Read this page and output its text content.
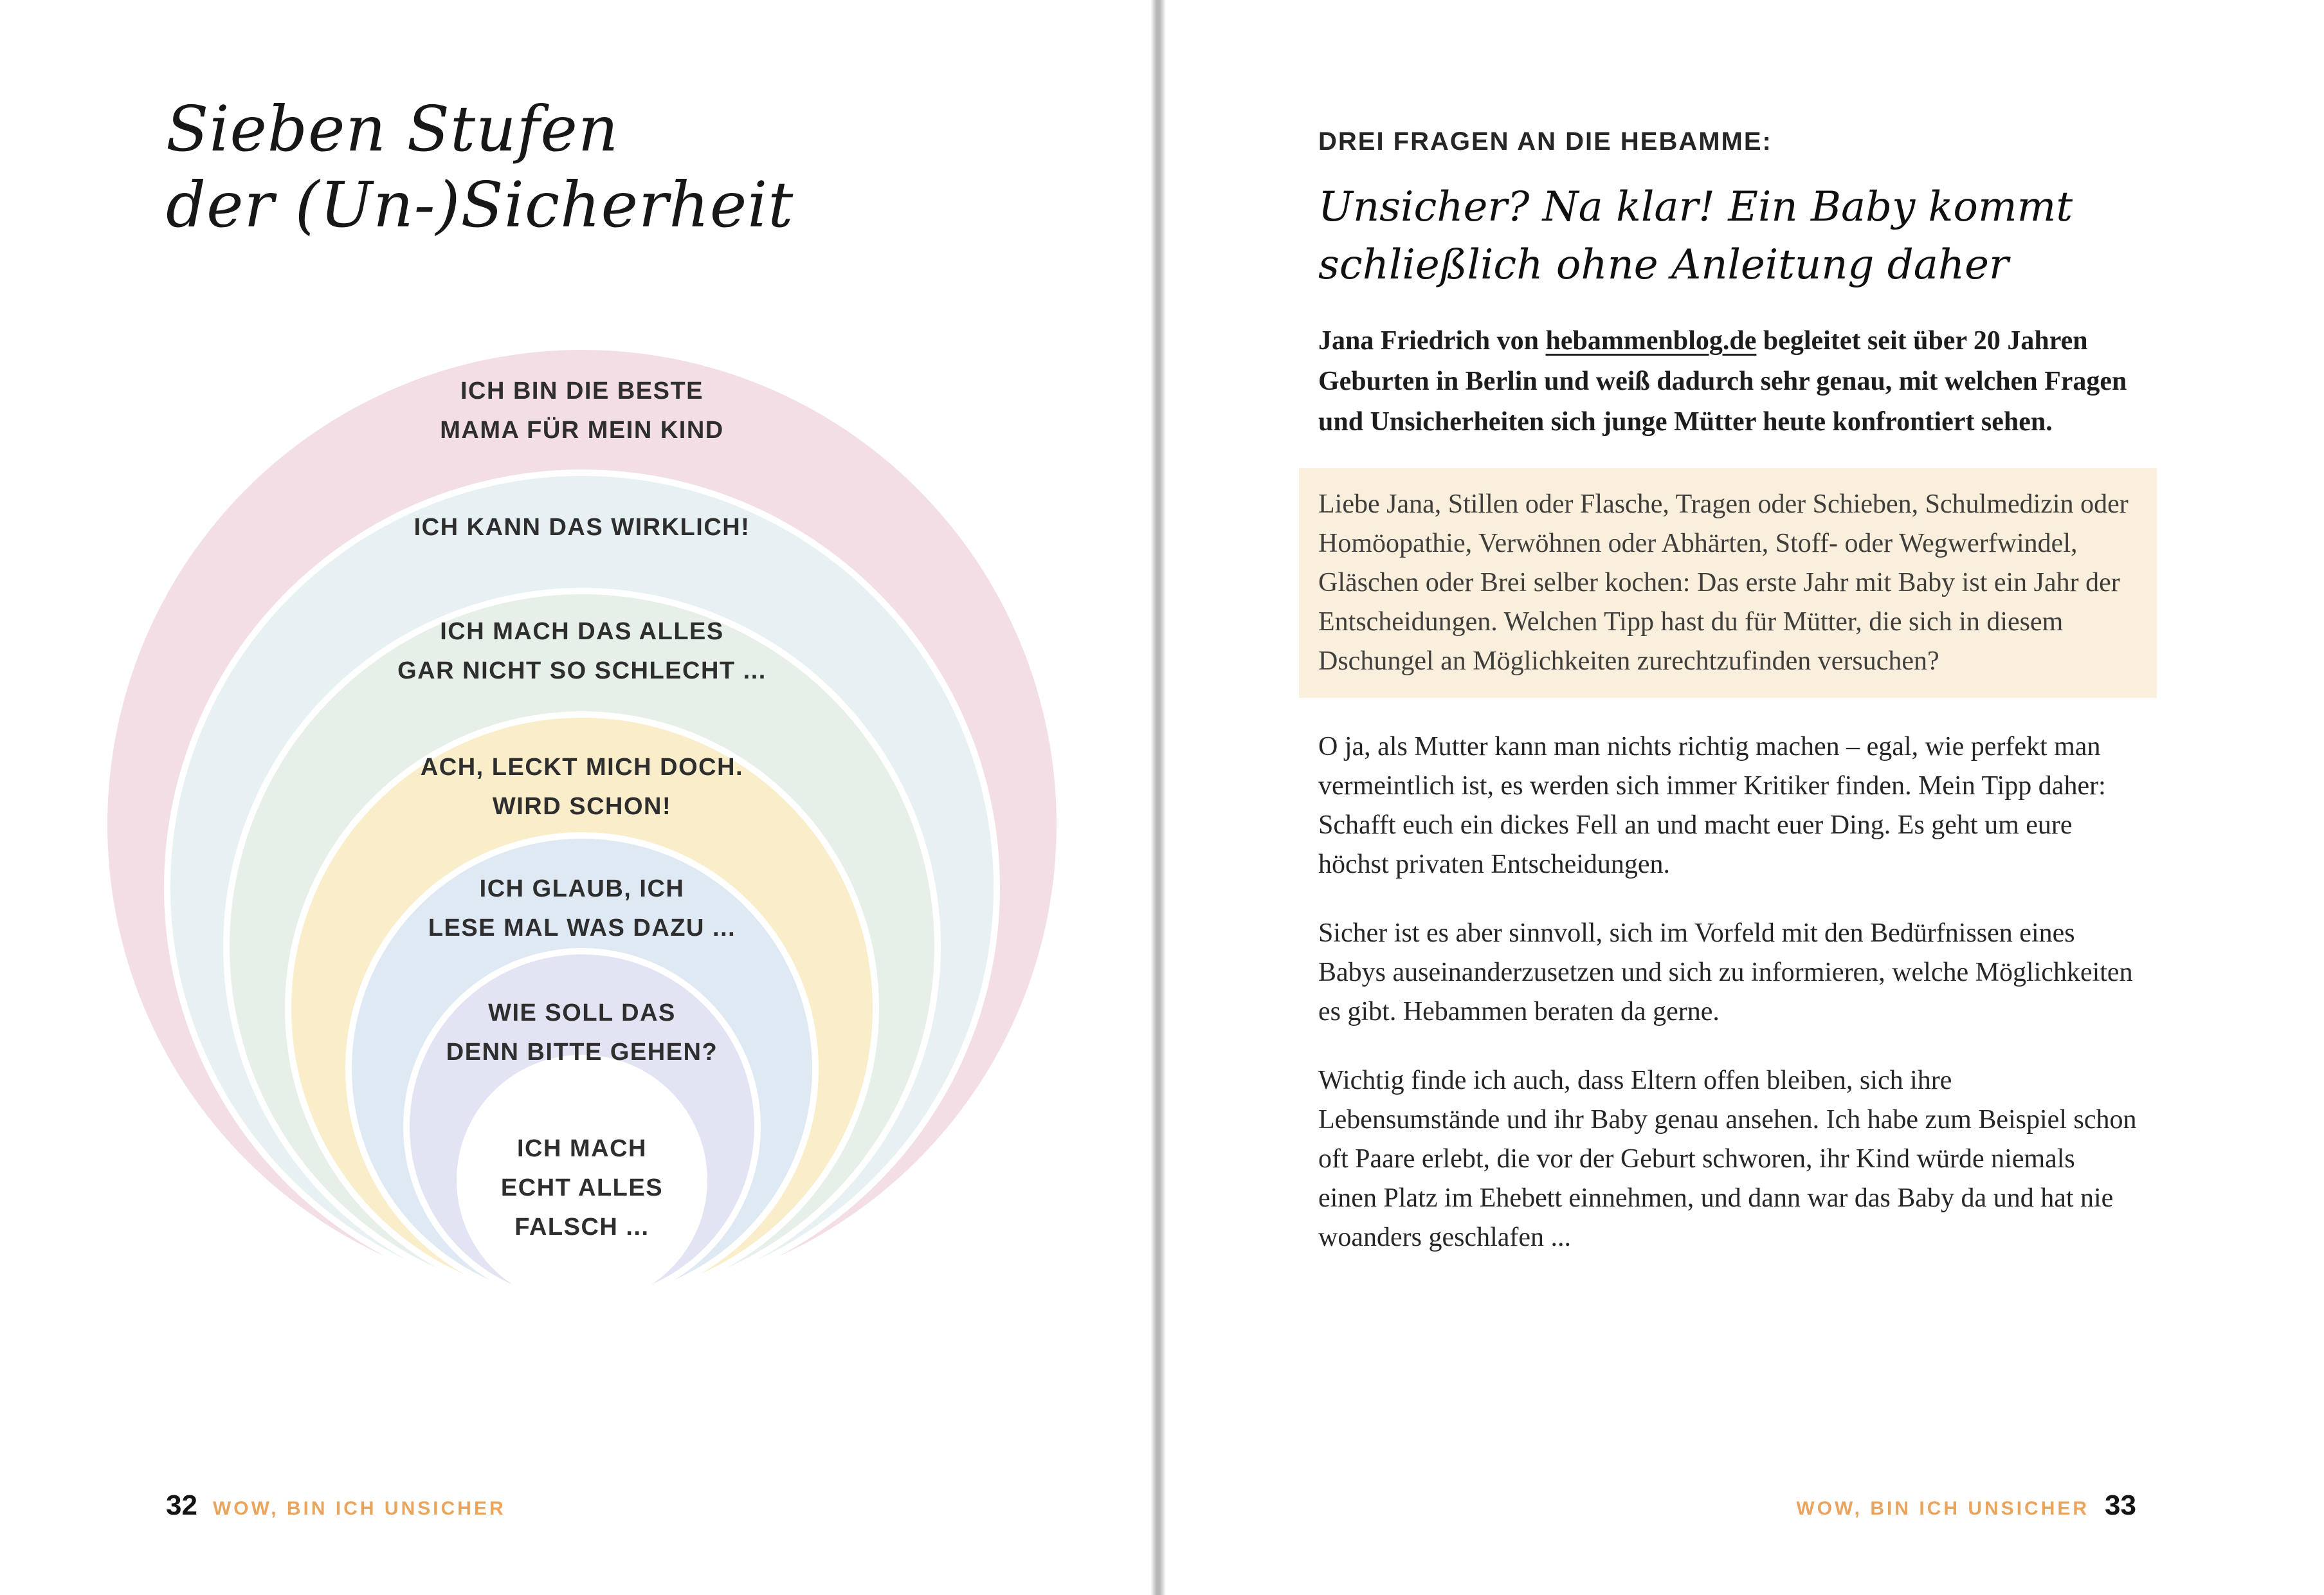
Sieben Stufen
der (Un-)Sicherheit
ICH BIN DIE BESTE
MAMA FÜR MEIN KIND
ICH KANN DAS WIRKLICH!
ICH MACH DAS ALLES
GAR NICHT SO SCHLECHT ...
ACH, LECKT MICH DOCH.
WIRD SCHON!
ICH GLAUB, ICH
LESE MAL WAS DAZU ...
WIE SOLL DAS
DENN BITTE GEHEN?
ICH MACH
ECHT ALLES
FALSCH ...
32 WOW, BIN ICH UNSICHER
DREI FRAGEN AN DIE HEBAMME:
Unsicher? Na klar! Ein Baby kommt
schließlich ohne Anleitung daher

Jana Friedrich von hebammenblog.de begleitet seit über 20 Jahren Geburten in Berlin und weiß dadurch sehr genau, mit welchen Fragen und Unsicherheiten sich junge Mütter heute konfrontiert sehen.

Liebe Jana, Stillen oder Flasche, Tragen oder Schieben, Schulmedizin oder Homöopathie, Verwöhnen oder Abhärten, Stoff- oder Wegwerfwindel, Gläschen oder Brei selber kochen: Das erste Jahr mit Baby ist ein Jahr der Entscheidungen. Welchen Tipp hast du für Mütter, die sich in diesem Dschungel an Möglichkeiten zurechtzufinden versuchen?

O ja, als Mutter kann man nichts richtig machen – egal, wie perfekt man vermeintlich ist, es werden sich immer Kritiker finden. Mein Tipp daher: Schafft euch ein dickes Fell an und macht euer Ding. Es geht um eure höchst privaten Entscheidungen.

Sicher ist es aber sinnvoll, sich im Vorfeld mit den Bedürfnissen eines Babys auseinanderzusetzen und sich zu informieren, welche Möglichkeiten es gibt. Hebammen beraten da gerne.

Wichtig finde ich auch, dass Eltern offen bleiben, sich ihre Lebensumstände und ihr Baby genau ansehen. Ich habe zum Beispiel schon oft Paare erlebt, die vor der Geburt schworen, ihr Kind würde niemals einen Platz im Ehebett einnehmen, und dann war das Baby da und hat nie woanders geschlafen ...

WOW, BIN ICH UNSICHER 33
